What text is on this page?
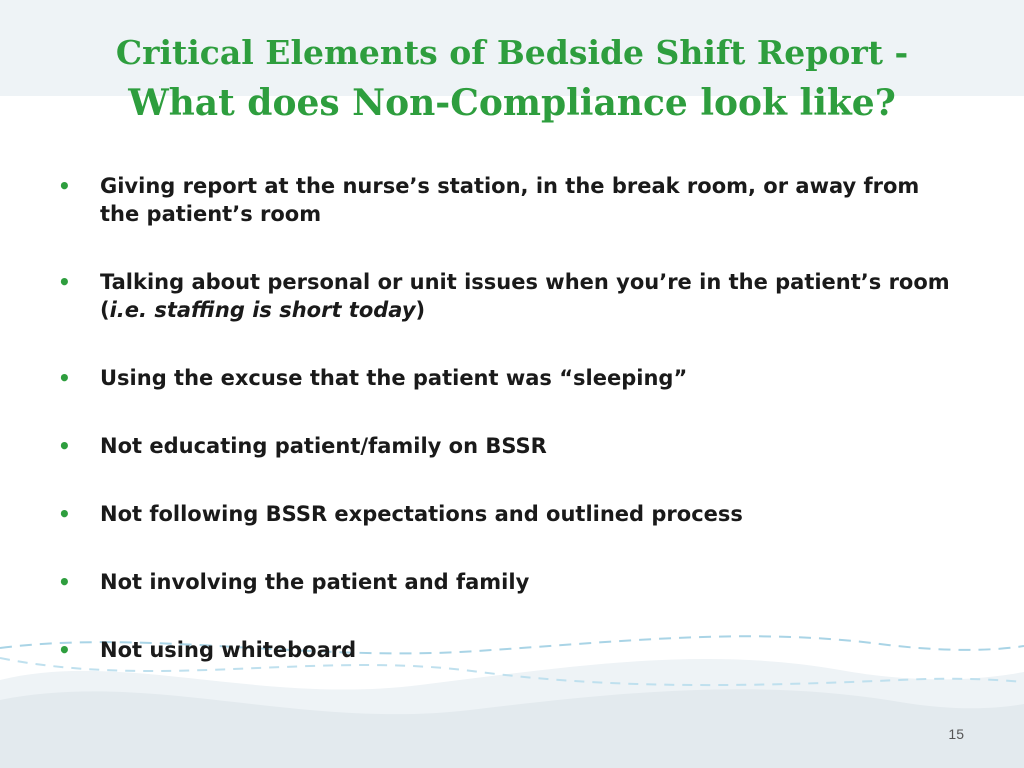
Critical Elements of Bedside Shift Report -
What does Non-Compliance look like?
• Giving report at the nurse’s station, in the break room, or away from the patient’s room
• Talking about personal or unit issues when you’re in the patient’s room (i.e. staffing is short today)
• Using the excuse that the patient was “sleeping”
• Not educating patient/family on BSSR
• Not following BSSR expectations and outlined process
• Not involving the patient and family
• Not using whiteboard
15
